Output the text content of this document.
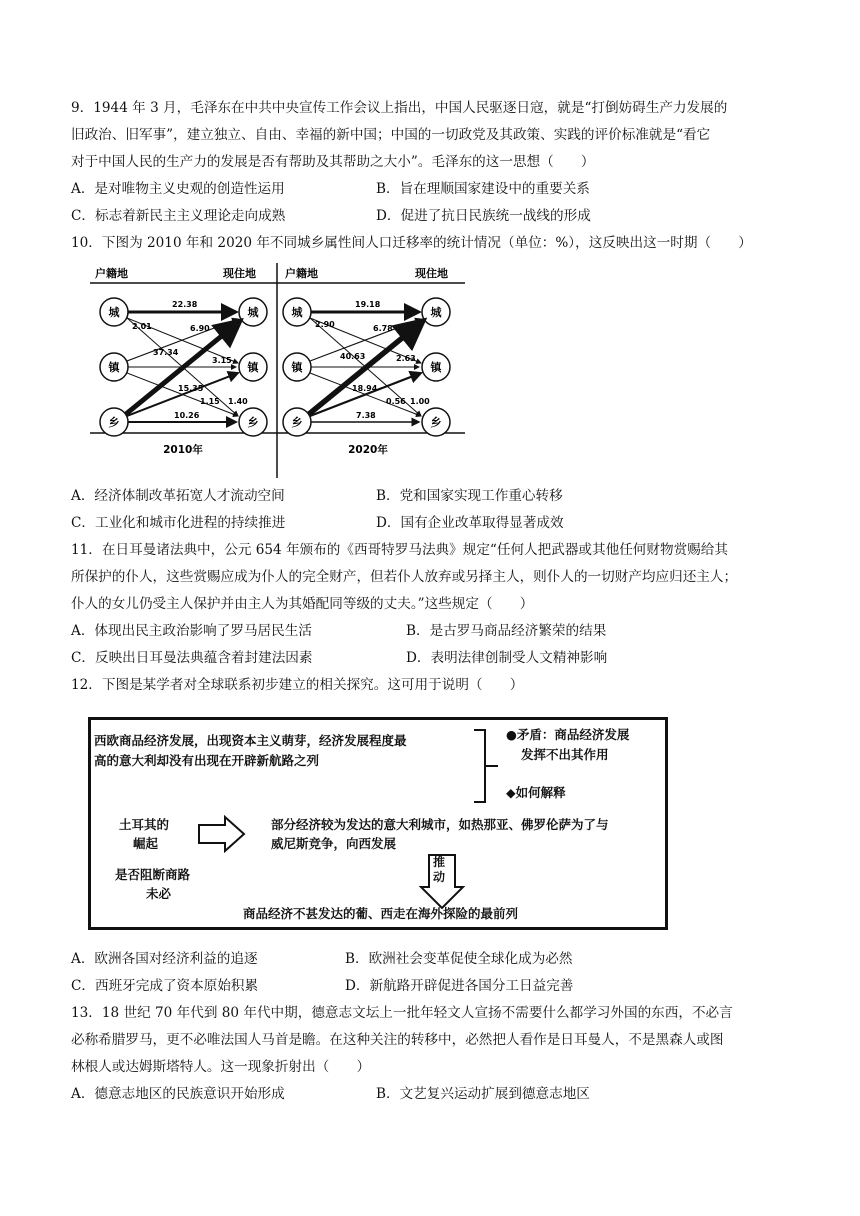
9．1944 年 3 月，毛泽东在中共中央宣传工作会议上指出，中国人民驱逐日寇，就是“打倒妨碍生产力发展的
旧政治、旧军事”，建立独立、自由、幸福的新中国；中国的一切政党及其政策、实践的评价标准就是“看它
对于中国人民的生产力的发展是否有帮助及其帮助之大小”。毛泽东的这一思想（　　）
A．是对唯物主义史观的创造性运用	B．旨在理顺国家建设中的重要关系
C．标志着新民主主义理论走向成熟	D．促进了抗日民族统一战线的形成
10．下图为 2010 年和 2020 年不同城乡属性间人口迁移率的统计情况（单位：%），这反映出这一时期（　　）
户籍地	现住地
城
镇
乡
城
镇
乡
22.38
2.01	6.90
37.34
3.15
15.35
1.15 1.40
10.26
2010年
户籍地	现住地
城
镇
乡
城
镇
乡
19.18
2.90	6.78
40.63	2.63
18.94
0.56 1.00
7.38
2020年
A．经济体制改革拓宽人才流动空间	B．党和国家实现工作重心转移
C．工业化和城市化进程的持续推进	D．国有企业改革取得显著成效
11．在日耳曼诸法典中，公元 654 年颁布的《西哥特罗马法典》规定“任何人把武器或其他任何财物赏赐给其
所保护的仆人，这些赏赐应成为仆人的完全财产，但若仆人放弃或另择主人，则仆人的一切财产均应归还主人；
仆人的女儿仍受主人保护并由主人为其婚配同等级的丈夫。”这些规定（　　）
A．体现出民主政治影响了罗马居民生活	B．是古罗马商品经济繁荣的结果
C．反映出日耳曼法典蕴含着封建法因素	D．表明法律创制受人文精神影响
12．下图是某学者对全球联系初步建立的相关探究。这可用于说明（　　）
西欧商品经济发展，出现资本主义萌芽，经济发展程度最
高的意大利却没有出现在开辟新航路之列
●矛盾：商品经济发展
发挥不出其作用
◆如何解释
土耳其的
崛起
部分经济较为发达的意大利城市，如热那亚、佛罗伦萨为了与
威尼斯竞争，向西发展
是否阻断商路
未必
推动
商品经济不甚发达的葡、西走在海外探险的最前列
A．欧洲各国对经济利益的追逐	B．欧洲社会变革促使全球化成为必然
C．西班牙完成了资本原始积累	D．新航路开辟促进各国分工日益完善
13．18 世纪 70 年代到 80 年代中期，德意志文坛上一批年轻文人宣扬不需要什么都学习外国的东西，不必言
必称希腊罗马，更不必唯法国人马首是瞻。在这种关注的转移中，必然把人看作是日耳曼人，不是黑森人或图
林根人或达姆斯塔特人。这一现象折射出（　　）
A．德意志地区的民族意识开始形成	B．文艺复兴运动扩展到德意志地区
